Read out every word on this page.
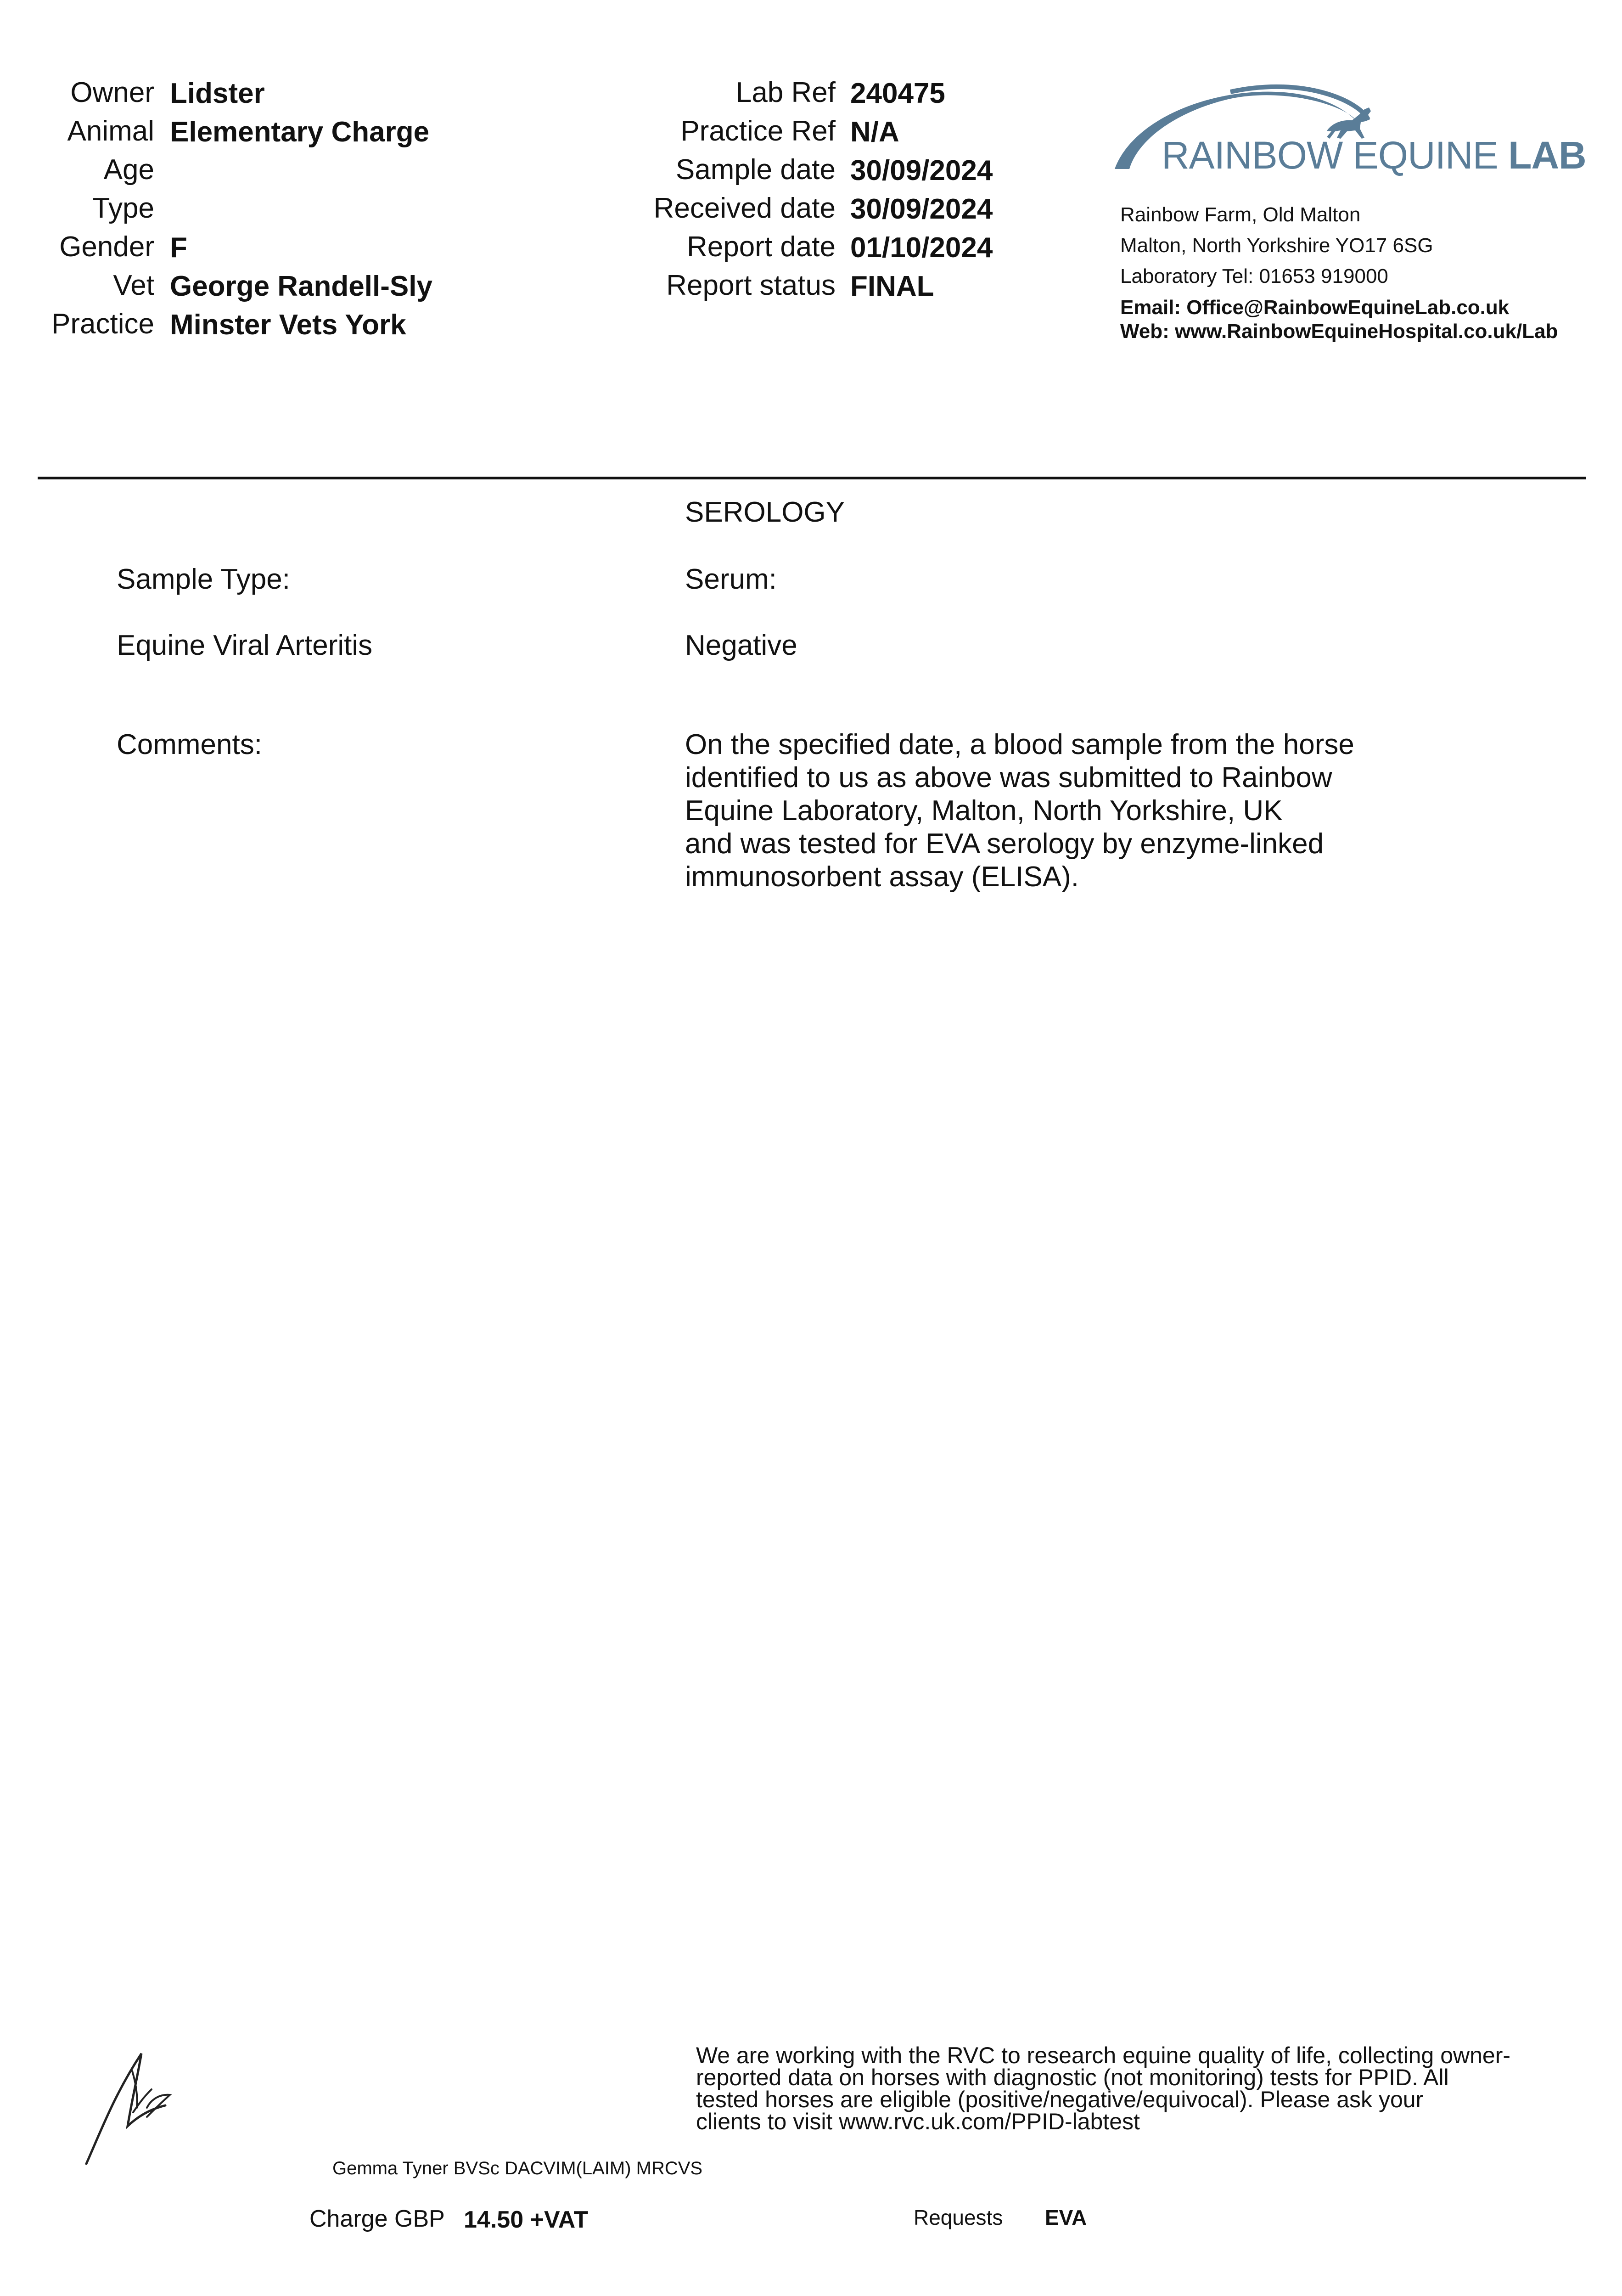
Owner Lidster
Animal Elementary Charge
Age
Type
Gender F
Vet George Randell-Sly
Practice Minster Vets York
Lab Ref 240475
Practice Ref N/A
Sample date 30/09/2024
Received date 30/09/2024
Report date 01/10/2024
Report status FINAL
RAINBOW EQUINE LAB
Rainbow Farm, Old Malton
Malton, North Yorkshire YO17 6SG
Laboratory Tel: 01653 919000
Email: Office@RainbowEquineLab.co.uk
Web: www.RainbowEquineHospital.co.uk/Lab
SEROLOGY
Sample Type:	Serum:
Equine Viral Arteritis	Negative
Comments:	On the specified date, a blood sample from the horse
identified to us as above was submitted to Rainbow
Equine Laboratory, Malton, North Yorkshire, UK
and was tested for EVA serology by enzyme-linked
immunosorbent assay (ELISA).
We are working with the RVC to research equine quality of life, collecting owner-
reported data on horses with diagnostic (not monitoring) tests for PPID. All
tested horses are eligible (positive/negative/equivocal). Please ask your
clients to visit www.rvc.uk.com/PPID-labtest
Gemma Tyner BVSc DACVIM(LAIM) MRCVS
Charge GBP 14.50 +VAT	Requests EVA
